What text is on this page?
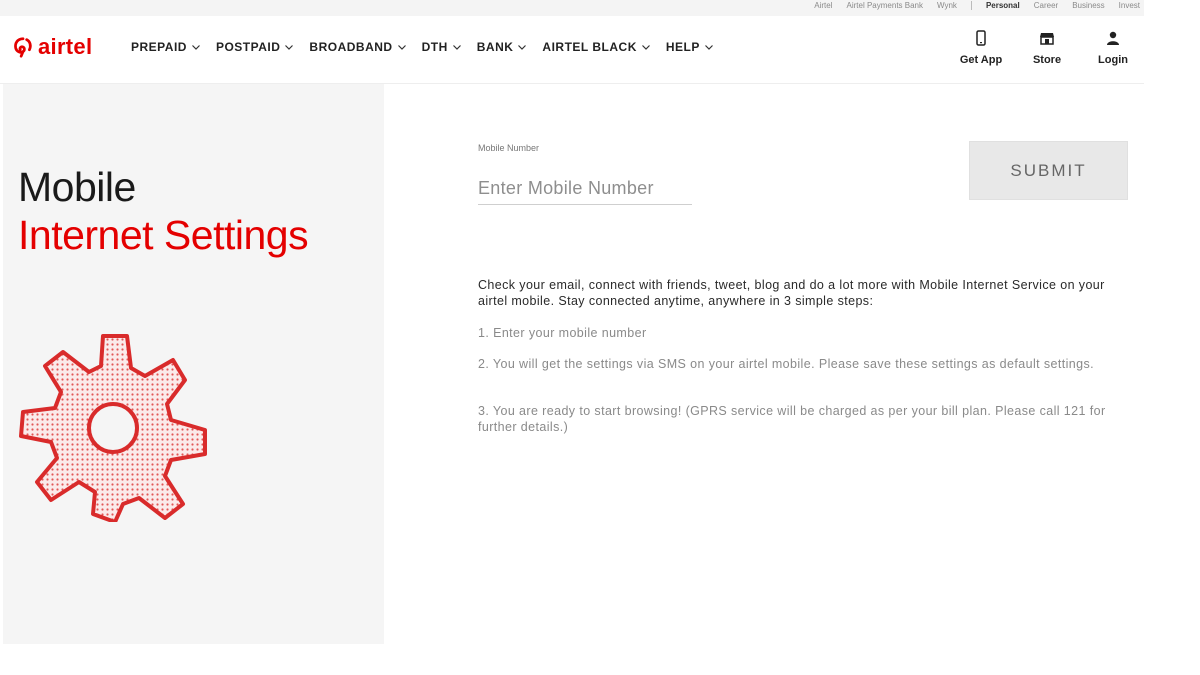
Airtel Airtel Payments Bank Wynk	Personal Career Business Invest
airtel	PREPAID POSTPAID BROADBAND DTH BANK AIRTEL BLACK HELP
Get App	Store	Login
Mobile
Internet Settings
Mobile Number
Enter Mobile Number
SUBMIT

Check your email, connect with friends, tweet, blog and do a lot more with Mobile Internet Service on your airtel mobile. Stay connected anytime, anywhere in 3 simple steps:

1. Enter your mobile number

2. You will get the settings via SMS on your airtel mobile. Please save these settings as default settings.

3. You are ready to start browsing! (GPRS service will be charged as per your bill plan. Please call 121 for further details.)
